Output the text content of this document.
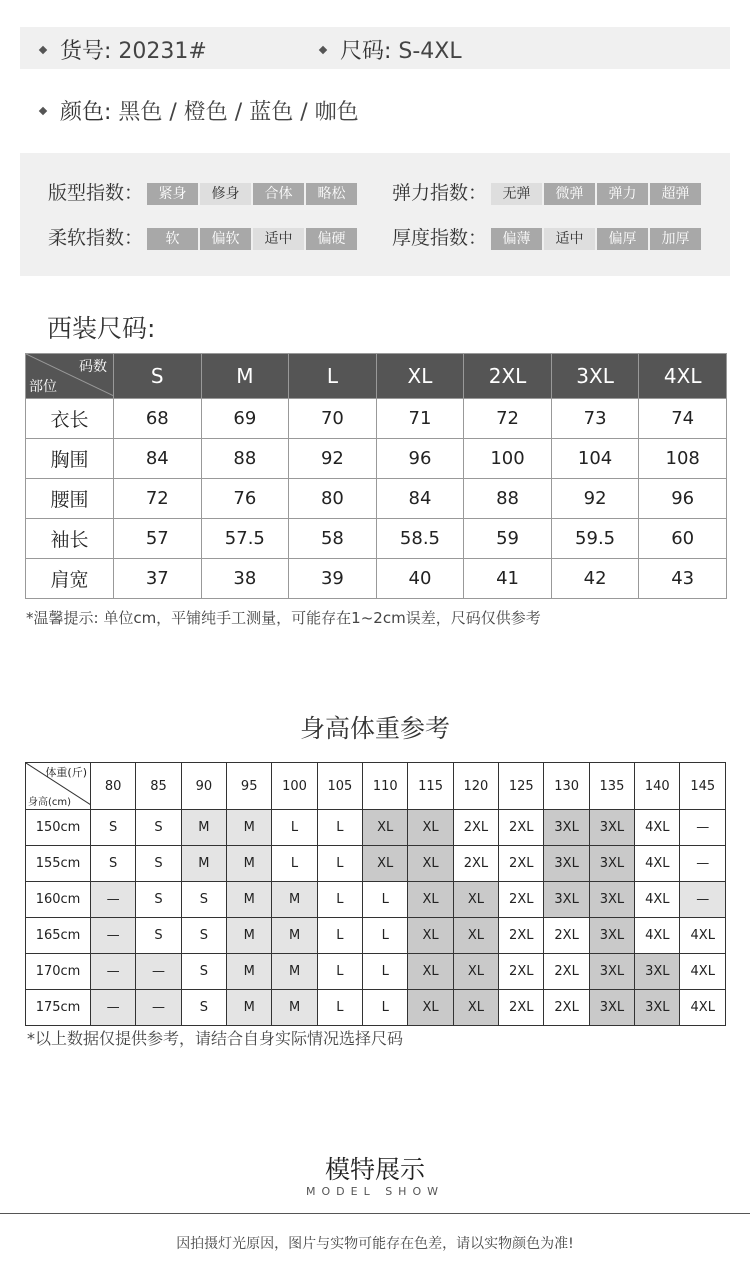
货号: 20231#	尺码: S-4XL
颜色: 黑色 / 橙色 / 蓝色 / 咖色
版型指数：	紧身	修身	合体	略松	弹力指数：	无弹	微弹	弹力	超弹
柔软指数：	软	偏软	适中	偏硬	厚度指数：	偏薄	适中	偏厚	加厚
西装尺码:
码数
部位	S	M	L	XL	2XL	3XL	4XL
衣长	68	69	70	71	72	73	74
胸围	84	88	92	96	100	104	108
腰围	72	76	80	84	88	92	96
袖长	57	57.5	58	58.5	59	59.5	60
肩宽	37	38	39	40	41	42	43
*温馨提示: 单位cm，平铺纯手工测量，可能存在1~2cm误差，尺码仅供参考
身高体重参考
体重(斤)
身高(cm)	80	85	90	95	100	105	110	115	120	125	130	135	140	145
150cm	S	S	M	M	L	L	XL	XL	2XL	2XL	3XL	3XL	4XL	—
155cm	S	S	M	M	L	L	XL	XL	2XL	2XL	3XL	3XL	4XL	—
160cm	—	S	S	M	M	L	L	XL	XL	2XL	3XL	3XL	4XL	—
165cm	—	S	S	M	M	L	L	XL	XL	2XL	2XL	3XL	4XL	4XL
170cm	—	—	S	M	M	L	L	XL	XL	2XL	2XL	3XL	3XL	4XL
175cm	—	—	S	M	M	L	L	XL	XL	2XL	2XL	3XL	3XL	4XL
*以上数据仅提供参考，请结合自身实际情况选择尺码
模特展示
MODEL SHOW
因拍摄灯光原因，图片与实物可能存在色差，请以实物颜色为准!
